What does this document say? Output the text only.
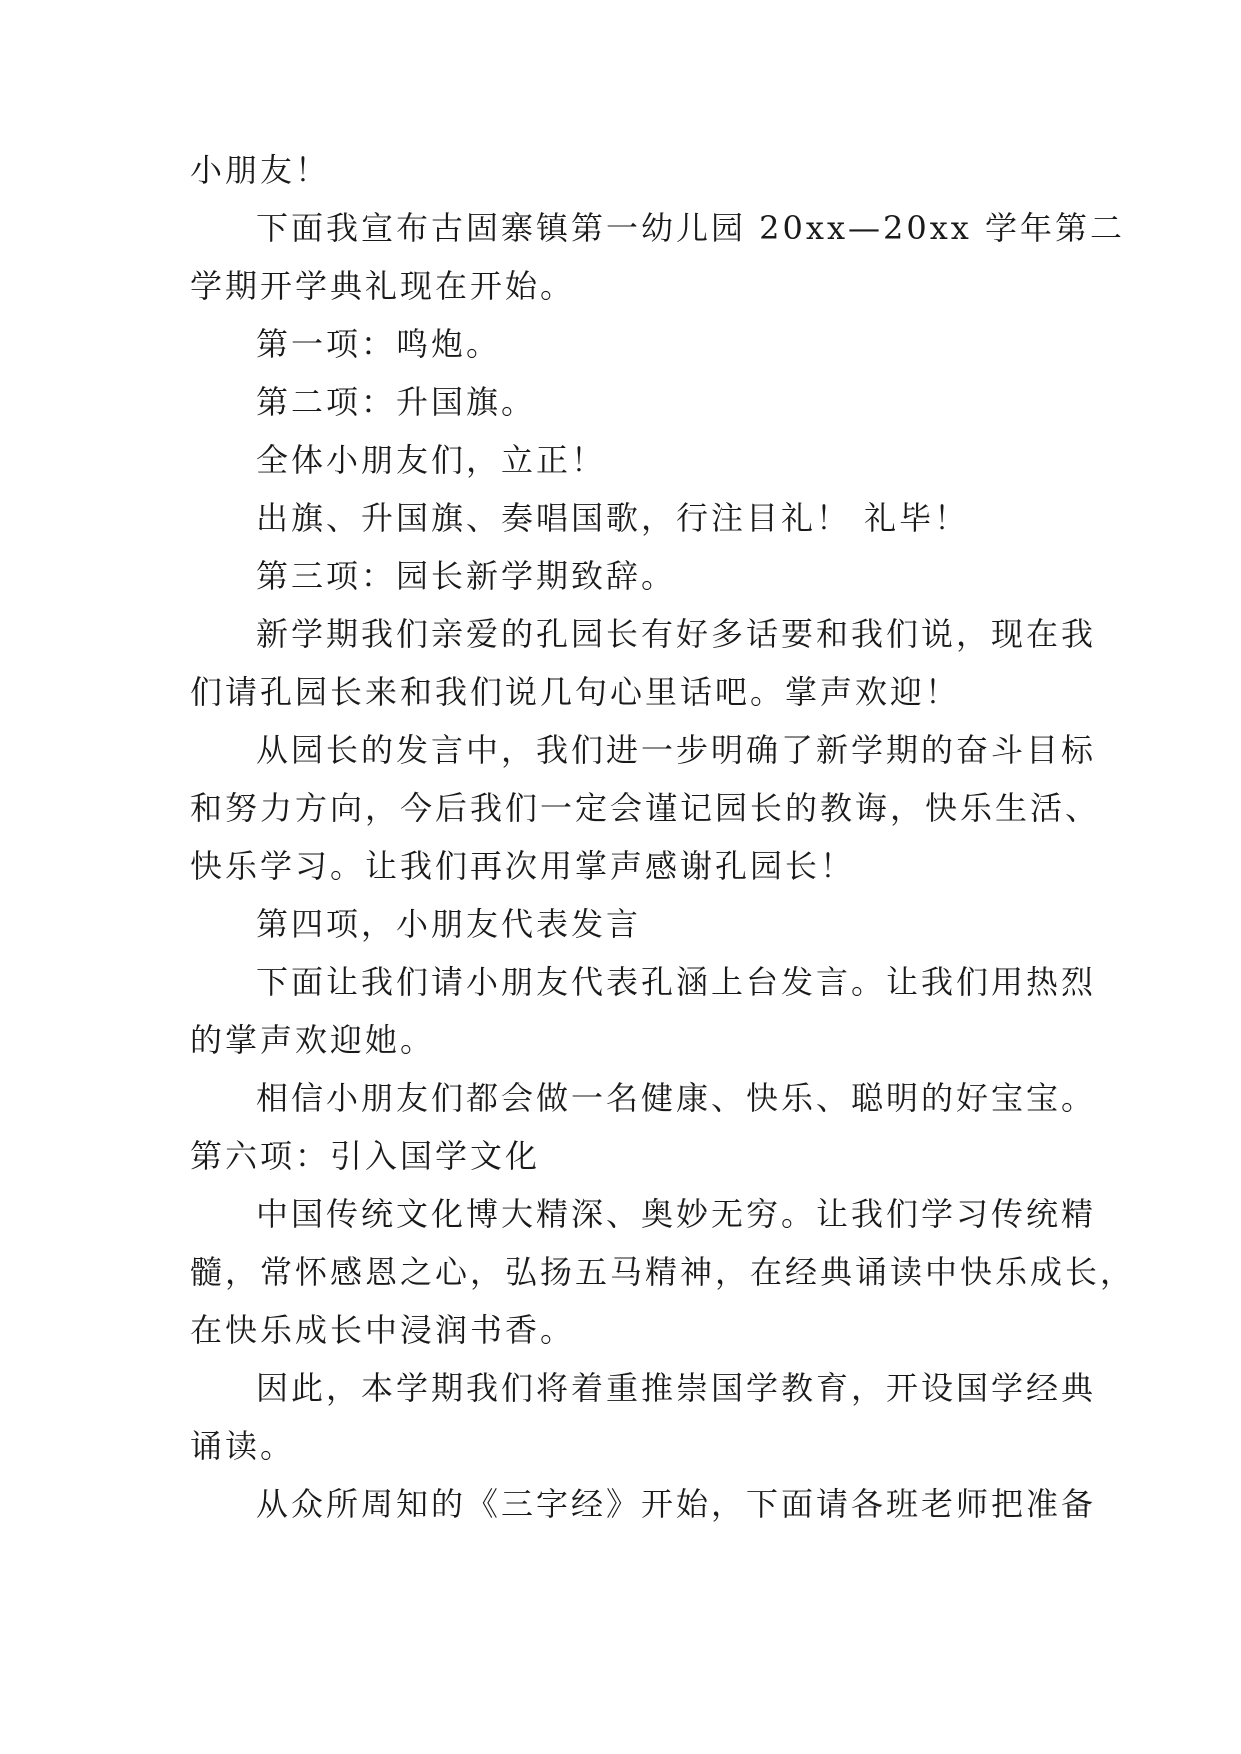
小朋友！
下面我宣布古固寨镇第一幼儿园 20xx—20xx 学年第二
学期开学典礼现在开始。
第一项：鸣炮。
第二项：升国旗。
全体小朋友们，立正！
出旗、升国旗、奏唱国歌，行注目礼！ 礼毕！
第三项：园长新学期致辞。
新学期我们亲爱的孔园长有好多话要和我们说，现在我
们请孔园长来和我们说几句心里话吧。掌声欢迎！
从园长的发言中，我们进一步明确了新学期的奋斗目标
和努力方向，今后我们一定会谨记园长的教诲，快乐生活、
快乐学习。让我们再次用掌声感谢孔园长！
第四项，小朋友代表发言
下面让我们请小朋友代表孔涵上台发言。让我们用热烈
的掌声欢迎她。
相信小朋友们都会做一名健康、快乐、聪明的好宝宝。
第六项：引入国学文化
中国传统文化博大精深、奥妙无穷。让我们学习传统精
髓，常怀感恩之心，弘扬五马精神，在经典诵读中快乐成长，
在快乐成长中浸润书香。
因此，本学期我们将着重推崇国学教育，开设国学经典
诵读。
从众所周知的《三字经》开始，下面请各班老师把准备
